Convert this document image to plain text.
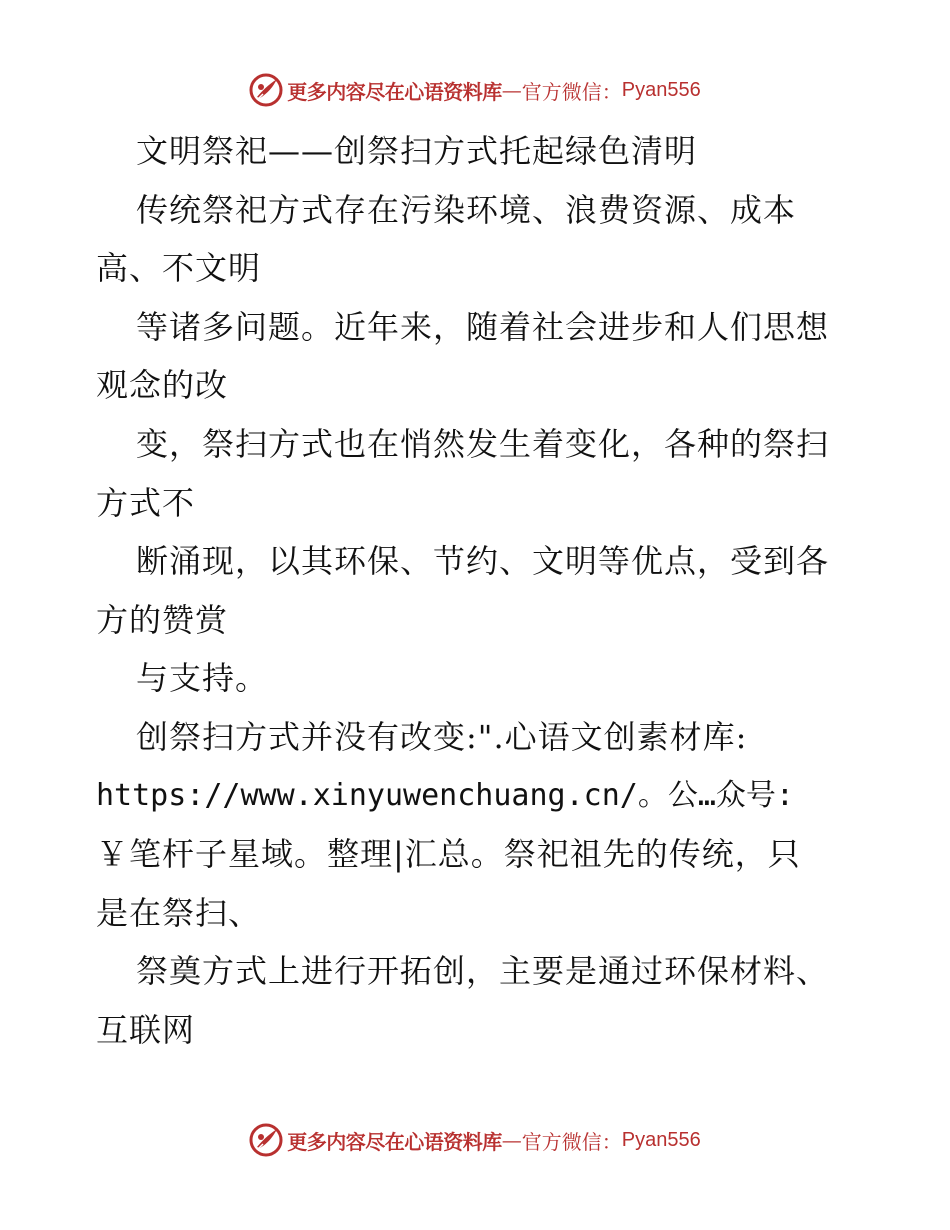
更多内容尽在心语资料库 — 官方微信： Pyan556
文明祭祀——创祭扫方式托起绿色清明
传统祭祀方式存在污染环境、浪费资源、成本
高、不文明
等诸多问题。近年来，随着社会进步和人们思想
观念的改
变，祭扫方式也在悄然发生着变化，各种的祭扫
方式不
断涌现，以其环保、节约、文明等优点，受到各
方的赞赏
与支持。
创祭扫方式并没有改变:".心语文创素材库:
https://www.xinyuwenchuang.cn/。公…众号:
￥笔杆子星域。整理|汇总。祭祀祖先的传统，只
是在祭扫、
祭奠方式上进行开拓创，主要是通过环保材料、
互联网
更多内容尽在心语资料库 — 官方微信： Pyan556
